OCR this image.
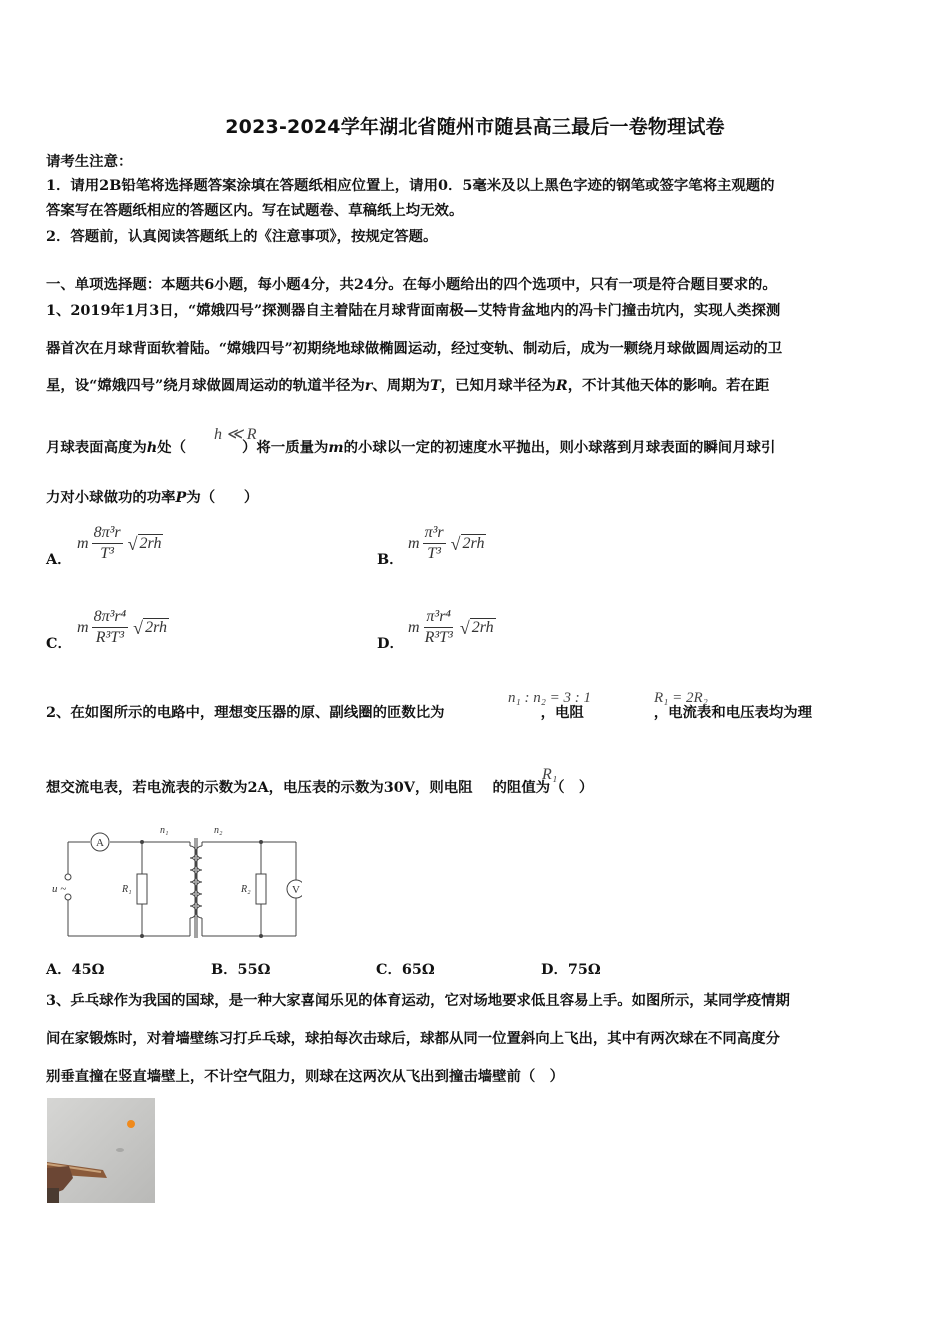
2023-2024学年湖北省随州市随县高三最后一卷物理试卷
请考生注意：
1．请用2B铅笔将选择题答案涂填在答题纸相应位置上，请用0．5毫米及以上黑色字迹的钢笔或签字笔将主观题的
答案写在答题纸相应的答题区内。写在试题卷、草稿纸上均无效。
2．答题前，认真阅读答题纸上的《注意事项》，按规定答题。
一、单项选择题：本题共6小题，每小题4分，共24分。在每小题给出的四个选项中，只有一项是符合题目要求的。
1、2019年1月3日，“嫦娥四号”探测器自主着陆在月球背面南极—艾特肯盆地内的冯卡门撞击坑内，实现人类探测
器首次在月球背面软着陆。“嫦娥四号”初期绕地球做椭圆运动，经过变轨、制动后，成为一颗绕月球做圆周运动的卫
星，设“嫦娥四号”绕月球做圆周运动的轨道半径为r、周期为T，已知月球半径为R，不计其他天体的影响。若在距
月球表面高度为h处（	）将一质量为m的小球以一定的初速度水平抛出，则小球落到月球表面的瞬间月球引
h ≪ R
力对小球做功的功率P为（　　）
A．
m $\frac{\text{8π³r}}{\text{T³}}$ √ 2rh
B．
m $\frac{\text{π³r}}{\text{T³}}$ √ 2rh
C．
m $\frac{\text{8π³r⁴}}{\text{R³T³}}$ √ 2rh
D．
m $\frac{\text{π³r⁴}}{\text{R³T³}}$ √ 2rh
2、在如图所示的电路中，理想变压器的原、副线圈的匝数比为	，电阻	，电流表和电压表均为理
n₁ : n₂ = 3 : 1	R₁ = 2R₂
想交流电表，若电流表的示数为2A，电压表的示数为30V，则电阻 的阻值为（　）
R₁
A
V
n₁	n₂
R₁	R₂
u ~
A．45Ω	B．55Ω	C．65Ω	D．75Ω
3、乒乓球作为我国的国球，是一种大家喜闻乐见的体育运动，它对场地要求低且容易上手。如图所示，某同学疫情期
间在家锻炼时，对着墙壁练习打乒乓球，球拍每次击球后，球都从同一位置斜向上飞出，其中有两次球在不同高度分
别垂直撞在竖直墙壁上，不计空气阻力，则球在这两次从飞出到撞击墙壁前（　）
